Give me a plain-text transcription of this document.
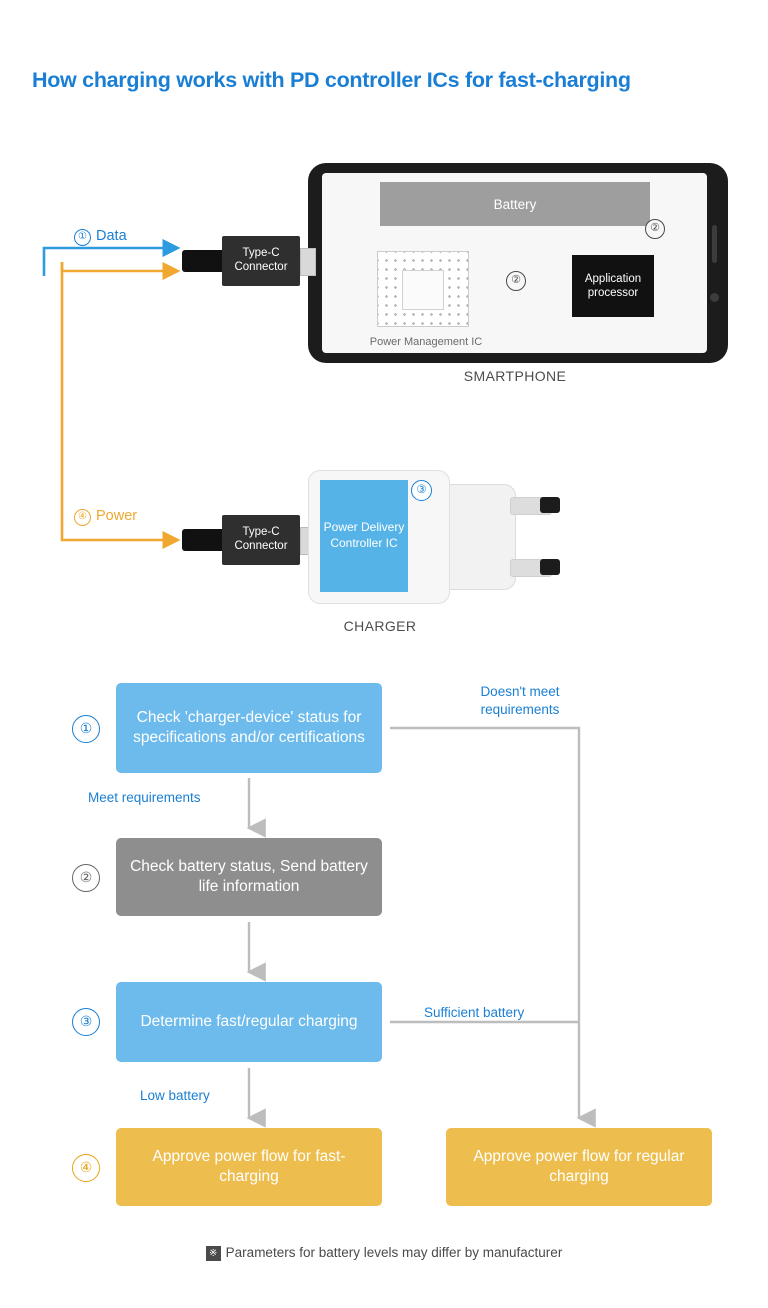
How charging works with PD controller ICs for fast-charging
Battery
Power Management IC
Application processor
②
②
SMARTPHONE
Type-C Connector
Type-C Connector
Power Delivery Controller IC
③
CHARGER
① Data
④ Power
①
Check 'charger-device' status for specifications and/or certifications
②
Check battery status, Send battery life information
③	Determine fast/regular charging
④
Approve power flow for fast-charging
Approve power flow for regular charging
Meet requirements
Doesn't meet requirements
Sufficient battery
Low battery
※ Parameters for battery levels may differ by manufacturer
